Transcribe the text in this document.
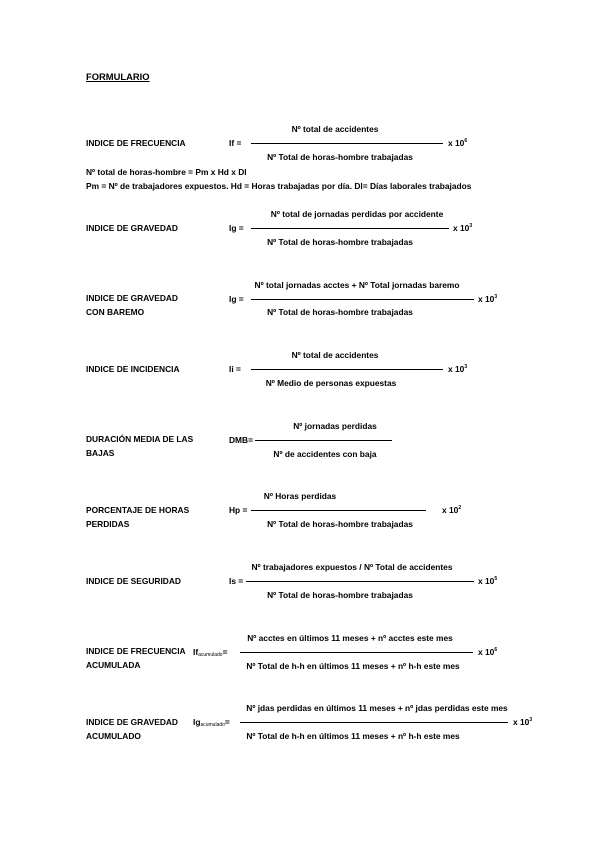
FORMULARIO
INDICE DE FRECUENCIA	If =
Nº total de accidentes
Nº Total de horas-hombre trabajadas
x $10^6$
Nº total de horas-hombre = Pm x Hd x Dl
Pm = Nº de trabajadores expuestos. Hd = Horas trabajadas por día. Dl= Días laborales trabajados
INDICE DE GRAVEDAD	Ig =
Nº total de jornadas perdidas por accidente
Nº Total de horas-hombre trabajadas
x $10^3$
INDICE DE GRAVEDAD CON BAREMO
Ig =
Nº total jornadas acctes + Nº Total jornadas baremo
Nº Total de horas-hombre trabajadas
x $10^3$
INDICE DE INCIDENCIA	Ii =
Nº total de accidentes
Nº Medio de personas expuestas
x $10^3$
DURACIÓN MEDIA DE LAS BAJAS
DMB=
Nº jornadas perdidas
Nº de accidentes con baja
PORCENTAJE DE HORAS PERDIDAS
Hp =
Nº Horas perdidas
Nº Total de horas-hombre trabajadas
x $10^2$
INDICE DE SEGURIDAD	Is =
Nº trabajadores expuestos / Nº Total de accidentes
Nº Total de horas-hombre trabajadas
x $10^5$
INDICE DE FRECUENCIA ACUMULADA
$If_{acumulado}=$
Nº acctes en últimos 11 meses + nº acctes este mes
Nº Total de h-h en últimos 11 meses + nº h-h este mes
x $10^6$
INDICE DE GRAVEDAD ACUMULADO
$Ig_{acumulado}=$
Nº jdas perdidas en últimos 11 meses + nº jdas perdidas este mes
Nº Total de h-h en últimos 11 meses + nº h-h este mes
x $10^3$
